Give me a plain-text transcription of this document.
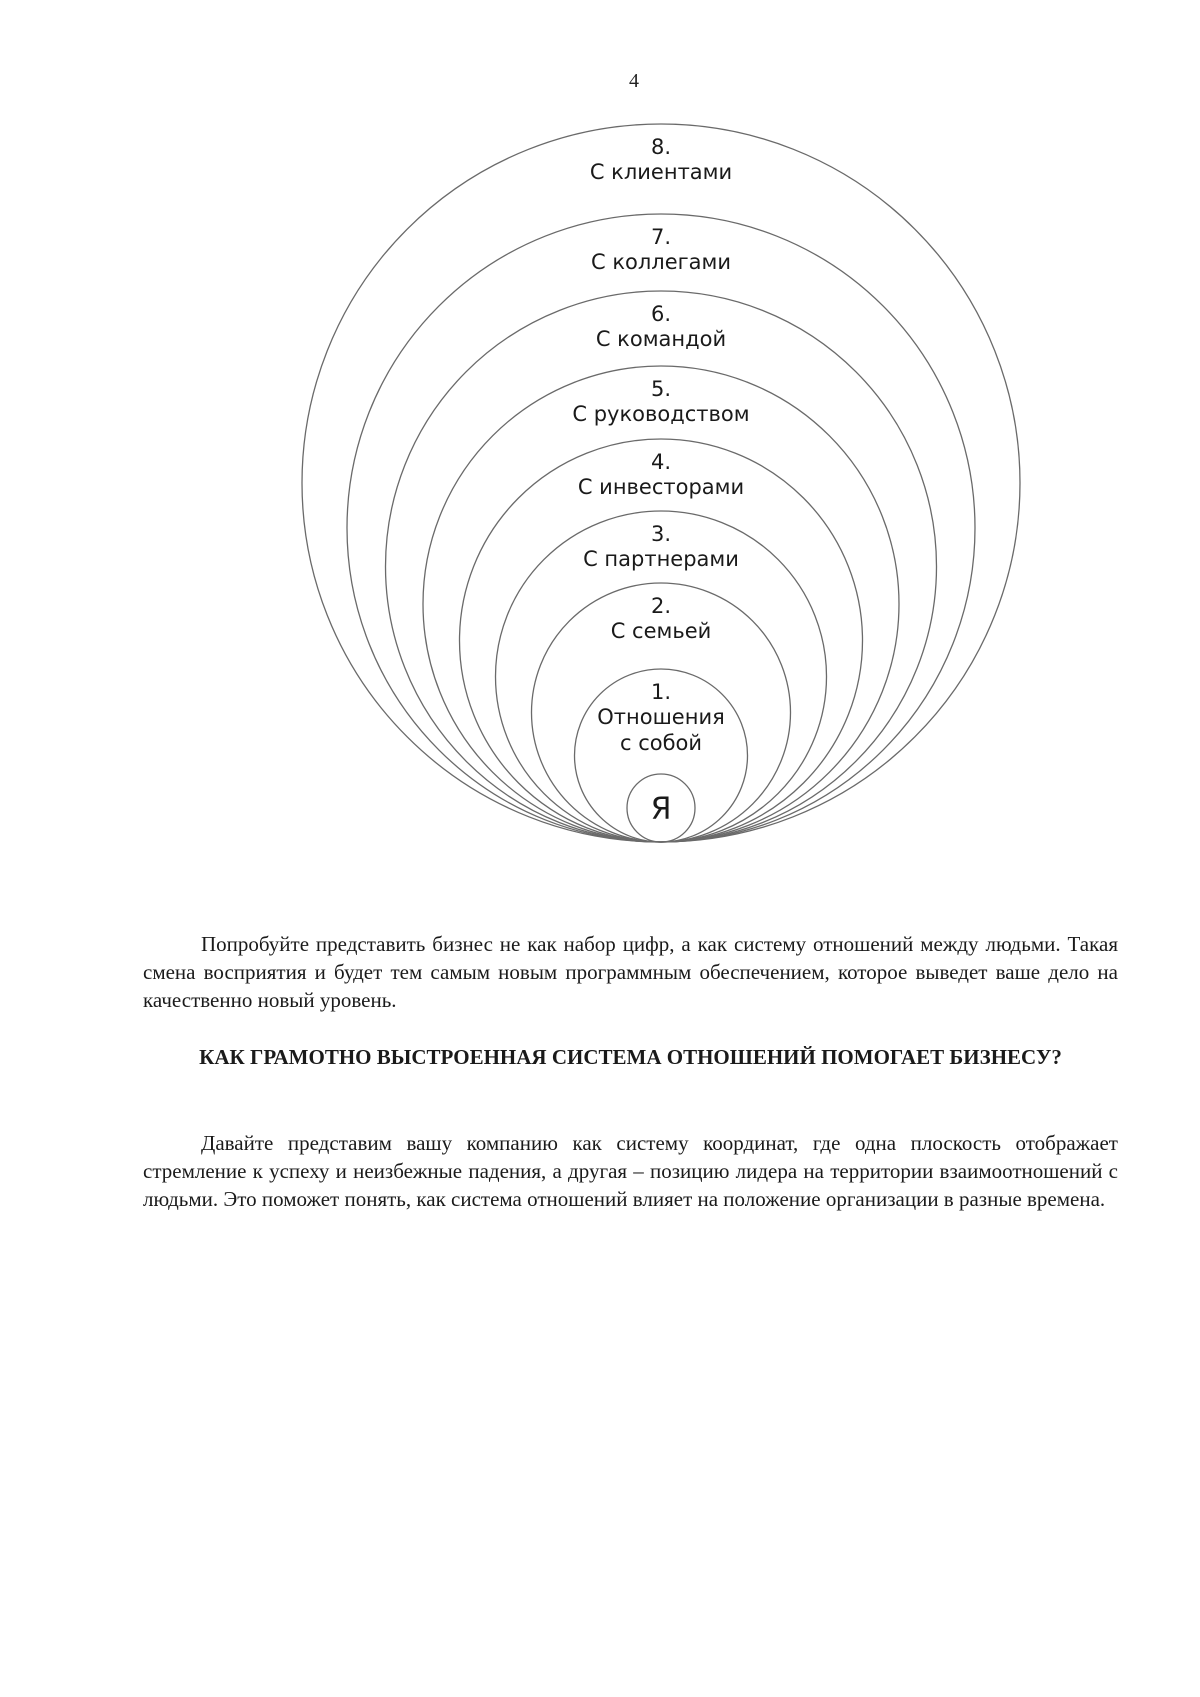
4
Я
1.
Отношения
с собой
2.
С семьей
3.
С партнерами
4.
С инвесторами
5.
С руководством
6.
С командой
7.
С коллегами
8.
С клиентами

Попробуйте представить бизнес не как набор цифр, а как систему отношений между людьми. Такая смена восприятия и будет тем самым новым программным обеспечением, которое выведет ваше дело на качественно новый уровень.

КАК ГРАМОТНО ВЫСТРОЕННАЯ СИСТЕМА ОТНОШЕНИЙ ПОМОГАЕТ БИЗНЕСУ?

Давайте представим вашу компанию как систему координат, где одна плоскость отображает стремление к успеху и неизбежные падения, а другая – позицию лидера на территории взаимоотношений с людьми. Это поможет понять, как система отношений влияет на положение организации в разные времена.
